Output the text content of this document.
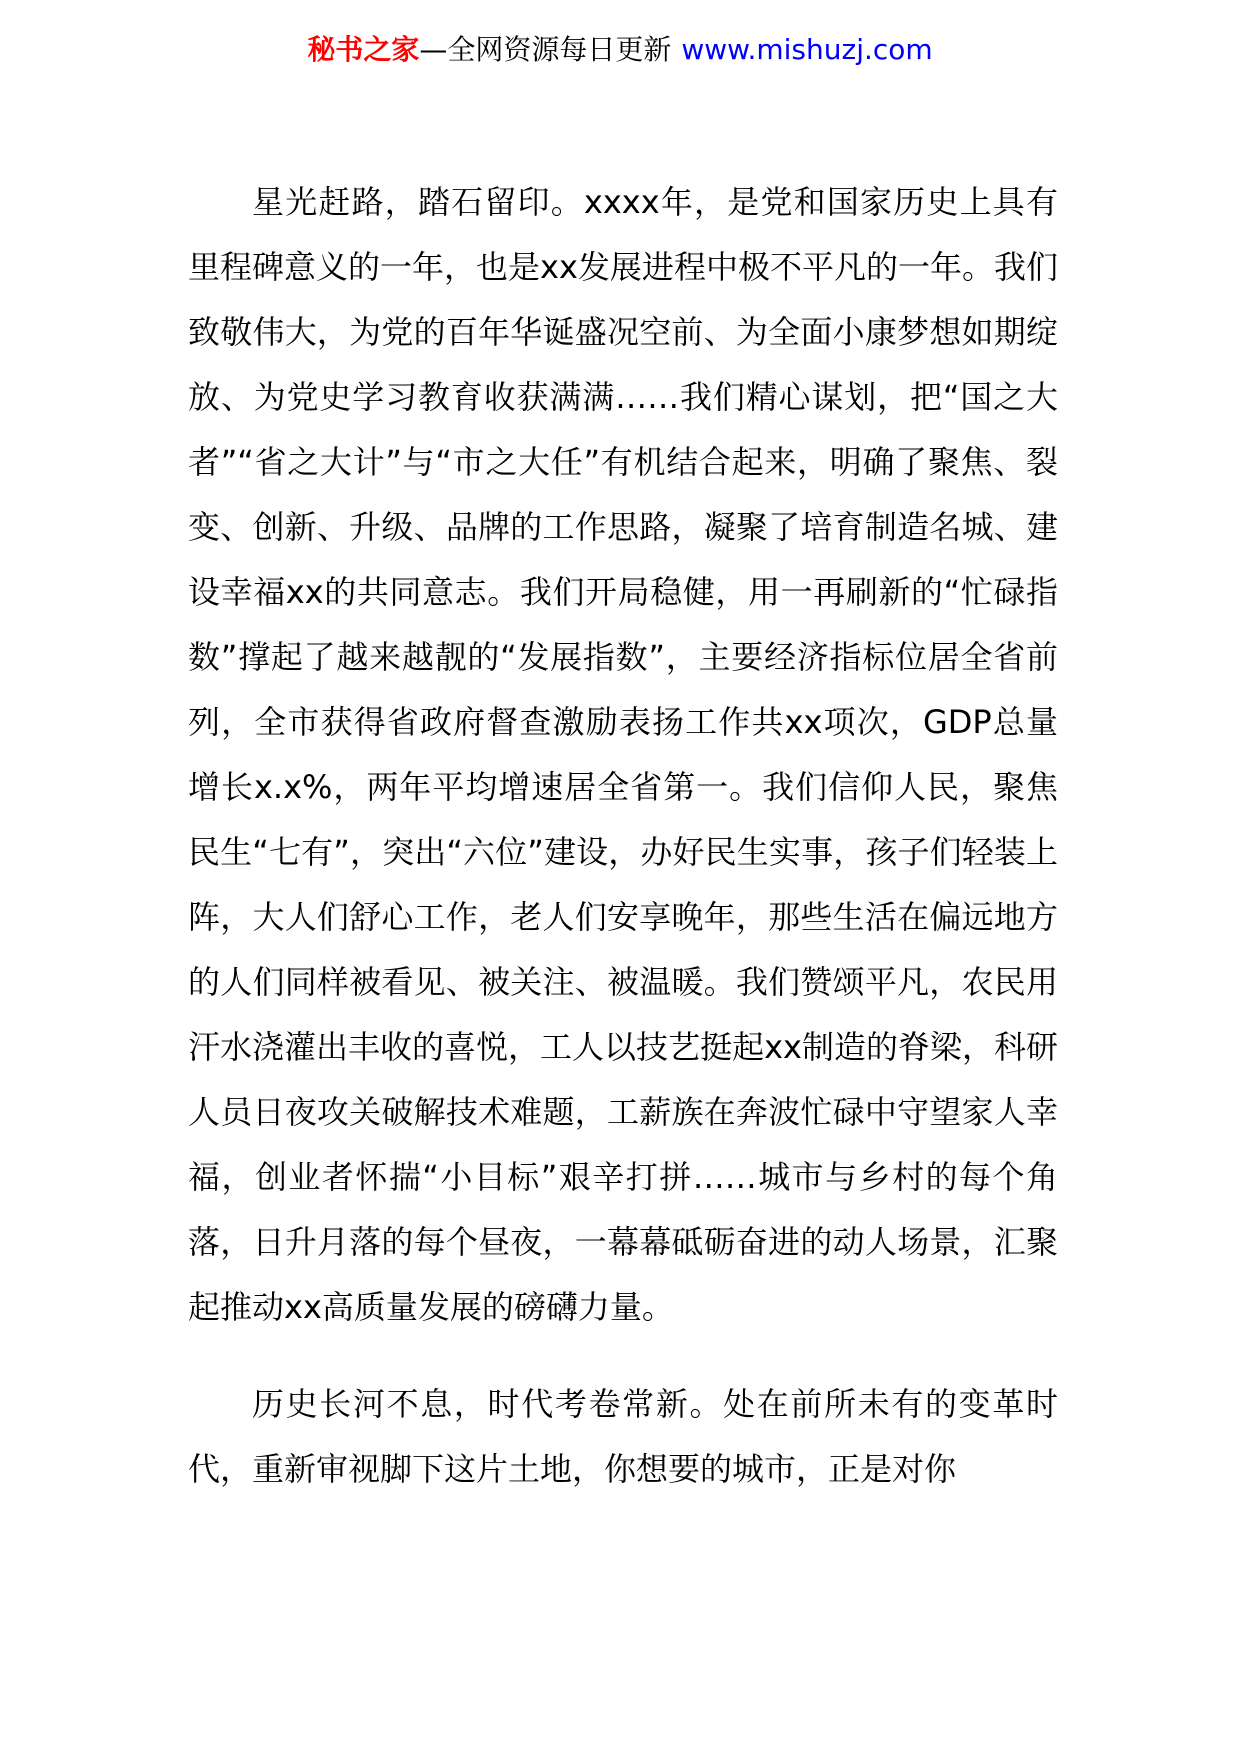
秘书之家—全网资源每日更新 www.mishuzj.com

星光赶路，踏石留印。xxxx年，是党和国家历史上具有里程碑意义的一年，也是xx发展进程中极不平凡的一年。我们致敬伟大，为党的百年华诞盛况空前、为全面小康梦想如期绽放、为党史学习教育收获满满……我们精心谋划，把“国之大者”“省之大计”与“市之大任”有机结合起来，明确了聚焦、裂变、创新、升级、品牌的工作思路，凝聚了培育制造名城、建设幸福xx的共同意志。我们开局稳健，用一再刷新的“忙碌指数”撑起了越来越靓的“发展指数”，主要经济指标位居全省前列，全市获得省政府督查激励表扬工作共xx项次，GDP总量增长x.x%，两年平均增速居全省第一。我们信仰人民，聚焦民生“七有”，突出“六位”建设，办好民生实事，孩子们轻装上阵，大人们舒心工作，老人们安享晚年，那些生活在偏远地方的人们同样被看见、被关注、被温暖。我们赞颂平凡，农民用汗水浇灌出丰收的喜悦，工人以技艺挺起xx制造的脊梁，科研人员日夜攻关破解技术难题，工薪族在奔波忙碌中守望家人幸福，创业者怀揣“小目标”艰辛打拼……城市与乡村的每个角落，日升月落的每个昼夜，一幕幕砥砺奋进的动人场景，汇聚起推动xx高质量发展的磅礴力量。

历史长河不息，时代考卷常新。处在前所未有的变革时代，重新审视脚下这片土地，你想要的城市，正是对你
